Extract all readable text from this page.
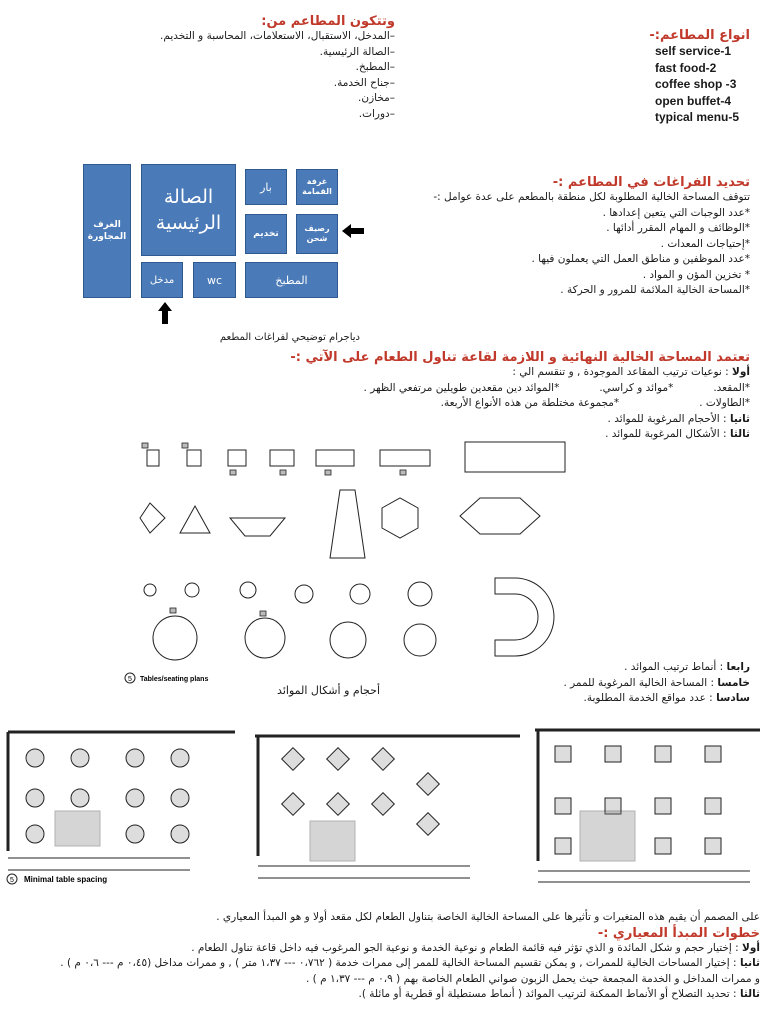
وتتكون المطاعم من:
–المدخل، الاستقبال، الاستعلامات، المحاسبة و التخديم.
–الصالة الرئيسية.
–المطبخ.
–جناح الخدمة.
–مخازن.
–دورات.
انواع المطاعم:-
1-self service
2-fast food
3- coffee shop
4-open buffet
5-typical menu
الغرف المجاورة
الصالة الرئيسية
بار	غرفة القمامة
تخديم
رصيف شحن
مدخل	wc	المطبخ
دياجرام توضيحي لفراغات المطعم
تحديد الفراغات في المطاعم :-
تتوقف المساحة الخالية المطلوبة لكل منطقة بالمطعم على عدة عوامل :-
*عدد الوجبات التي يتعين إعدادها .
*الوظائف و المهام المقرر أدائها .
*إحتياجات المعدات .
*عدد الموظفين و مناطق العمل التي يعملون فيها .
* تخزين المؤن و المواد .
*المساحة الخالية الملائمة للمرور و الحركة .
تعتمد المساحة الخالية النهائية و اللازمة لقاعة تناول الطعام على الآتي :-
أولا : نوعيات ترتيب المقاعد الموجودة , و تنقسم الي :
*المقعد.
*موائد و كراسي.
*الموائد دين مقعدين طويلين مرتفعي الظهر .
*الطاولات .
*مجموعة مختلطة من هذه الأنواع الأربعة.
ثانيا : الأحجام المرغوبة للموائد .
ثالثا : الأشكال المرغوبة للموائد .
5 Tables/seating plans
أحجام و أشكال الموائد
رابعا : أنماط ترتيب الموائد .
خامسا : المساحة الخالية المرغوبة للممر .
سادسا : عدد مواقع الخدمة المطلوبة.
5 Minimal table spacing
على المصمم أن يقيم هذه المتغيرات و تأثيرها على المساحة الخالية الخاصة بتناول الطعام لكل مقعد أولا و هو المبدأ المعياري .
خطوات المبدأ المعياري :-
أولا : إختيار حجم و شكل المائدة و الذي تؤثر فيه قائمة الطعام و نوعية الخدمة و نوعية الجو المرغوب فيه داخل قاعة تناول الطعام .
ثانيا : إختيار المساحات الخالية للممرات , و يمكن تقسيم المساحة الخالية للممر إلى ممرات خدمة ( ٠،٧٦٢ --- ١،٣٧ متر ) , و ممرات مداخل (٠،٤٥ م --- ٠،٦ م ) .
و ممرات المداخل و الخدمة المجمعة حيث يحمل الزبون صواني الطعام الخاصة بهم ( ٠،٩ م --- ١،٣٧ م ) .
ثالثا : تحديد التصلاح أو الأنماط الممكنة لترتيب الموائد ( أنماط مستطيلة أو قطرية أو مائلة ).
